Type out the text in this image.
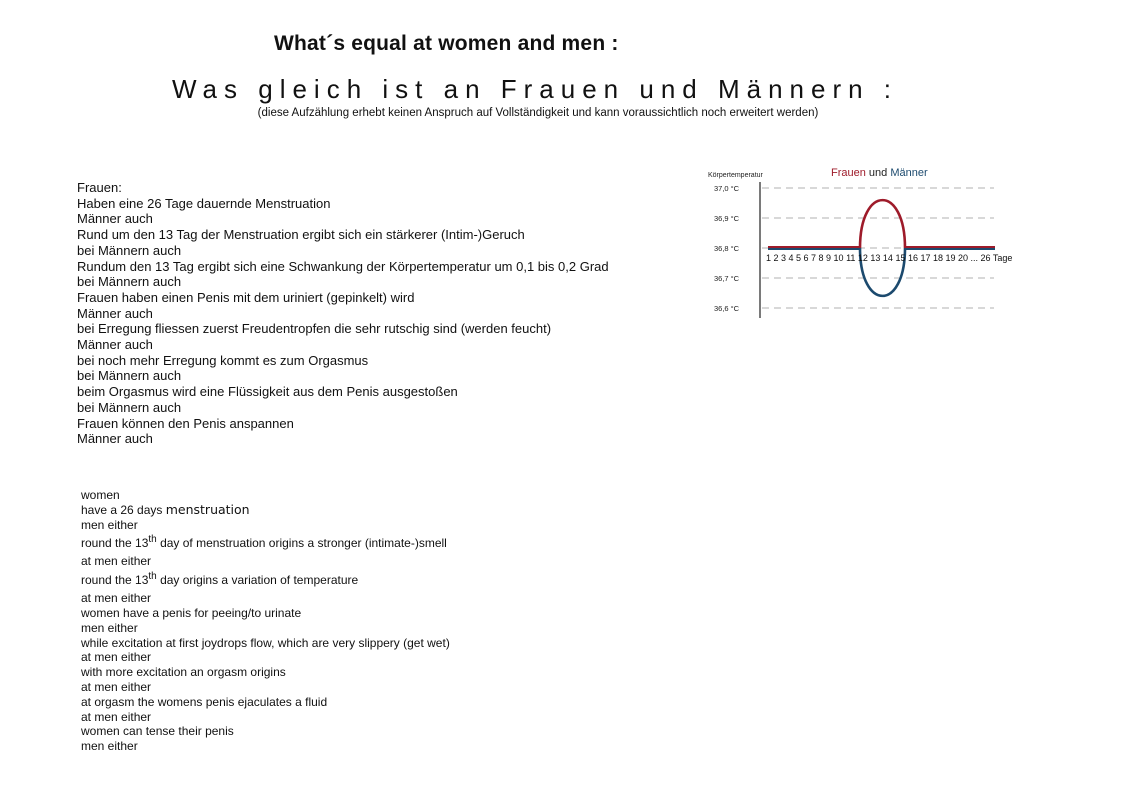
What´s equal at women and men :
Was gleich ist an Frauen und Männern :
(diese Aufzählung erhebt keinen Anspruch auf Vollständigkeit und kann voraussichtlich noch erweitert werden)
Frauen:
Haben eine 26 Tage dauernde Menstruation
Männer auch
Rund um den 13 Tag der Menstruation ergibt sich ein stärkerer (Intim-)Geruch
bei Männern auch
Rundum den 13 Tag ergibt sich eine Schwankung der Körpertemperatur um 0,1 bis 0,2 Grad
bei Männern auch
Frauen haben einen Penis mit dem uriniert (gepinkelt) wird
Männer auch
bei Erregung fliessen zuerst Freudentropfen die sehr rutschig sind (werden feucht)
Männer auch
bei noch mehr Erregung kommt es zum Orgasmus
bei Männern auch
beim Orgasmus wird eine Flüssigkeit aus dem Penis ausgestoßen
bei Männern auch
Frauen können den Penis anspannen
Männer auch
women
have a 26 days menstruation
men either
round the 13th day of menstruation origins a stronger (intimate-)smell
at men either
round the 13th day origins a variation of temperature
at men either
women have a penis for peeing/to urinate
men either
while excitation at first joydrops flow, which are very slippery (get wet)
at men either
with more excitation an orgasm origins
at men either
at orgasm the womens penis ejaculates a fluid
at men either
women can tense their penis
men either
Körpertemperatur	Frauen und Männer
37,0 °C
36,9 °C
36,8 °C
36,7 °C
36,6 °C
1 2 3 4 5 6 7 8 9 10 11 12 13 14 15 16 17 18 19 20 ... 26 Tage
